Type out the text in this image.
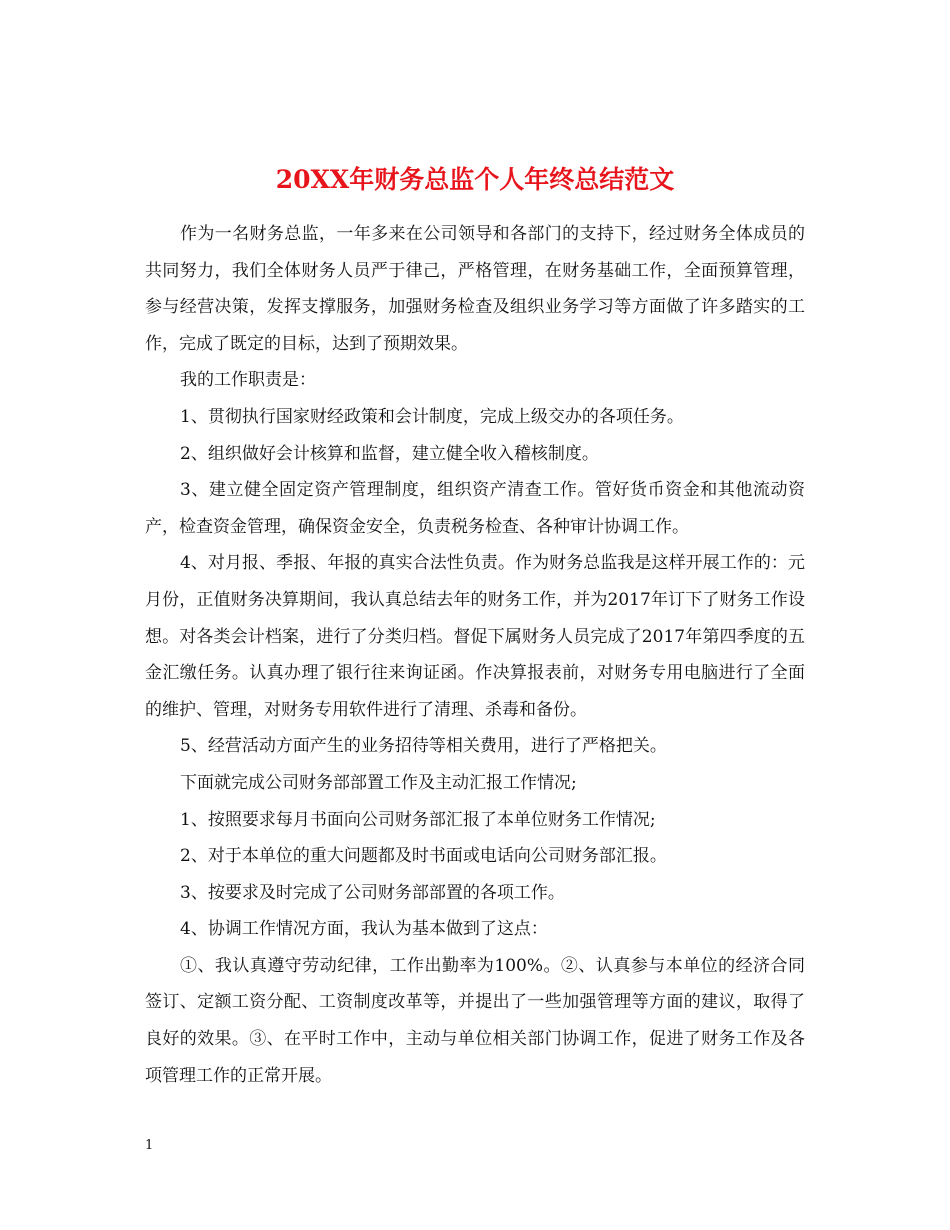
20XX年财务总监个人年终总结范文

作为一名财务总监，一年多来在公司领导和各部门的支持下，经过财务全体成员的共同努力，我们全体财务人员严于律己，严格管理，在财务基础工作，全面预算管理，参与经营决策，发挥支撑服务，加强财务检查及组织业务学习等方面做了许多踏实的工作，完成了既定的目标，达到了预期效果。

我的工作职责是：

1、贯彻执行国家财经政策和会计制度，完成上级交办的各项任务。

2、组织做好会计核算和监督，建立健全收入稽核制度。

3、建立健全固定资产管理制度，组织资产清查工作。管好货币资金和其他流动资产，检查资金管理，确保资金安全，负责税务检查、各种审计协调工作。

4、对月报、季报、年报的真实合法性负责。作为财务总监我是这样开展工作的：元月份，正值财务决算期间，我认真总结去年的财务工作，并为2017年订下了财务工作设想。对各类会计档案，进行了分类归档。督促下属财务人员完成了2017年第四季度的五金汇缴任务。认真办理了银行往来询证函。作决算报表前，对财务专用电脑进行了全面的维护、管理，对财务专用软件进行了清理、杀毒和备份。

5、经营活动方面产生的业务招待等相关费用，进行了严格把关。

下面就完成公司财务部部置工作及主动汇报工作情况;

1、按照要求每月书面向公司财务部汇报了本单位财务工作情况;

2、对于本单位的重大问题都及时书面或电话向公司财务部汇报。

3、按要求及时完成了公司财务部部置的各项工作。

4、协调工作情况方面，我认为基本做到了这点：

①、我认真遵守劳动纪律，工作出勤率为100%。②、认真参与本单位的经济合同签订、定额工资分配、工资制度改革等，并提出了一些加强管理等方面的建议，取得了良好的效果。③、在平时工作中，主动与单位相关部门协调工作，促进了财务工作及各项管理工作的正常开展。

1
